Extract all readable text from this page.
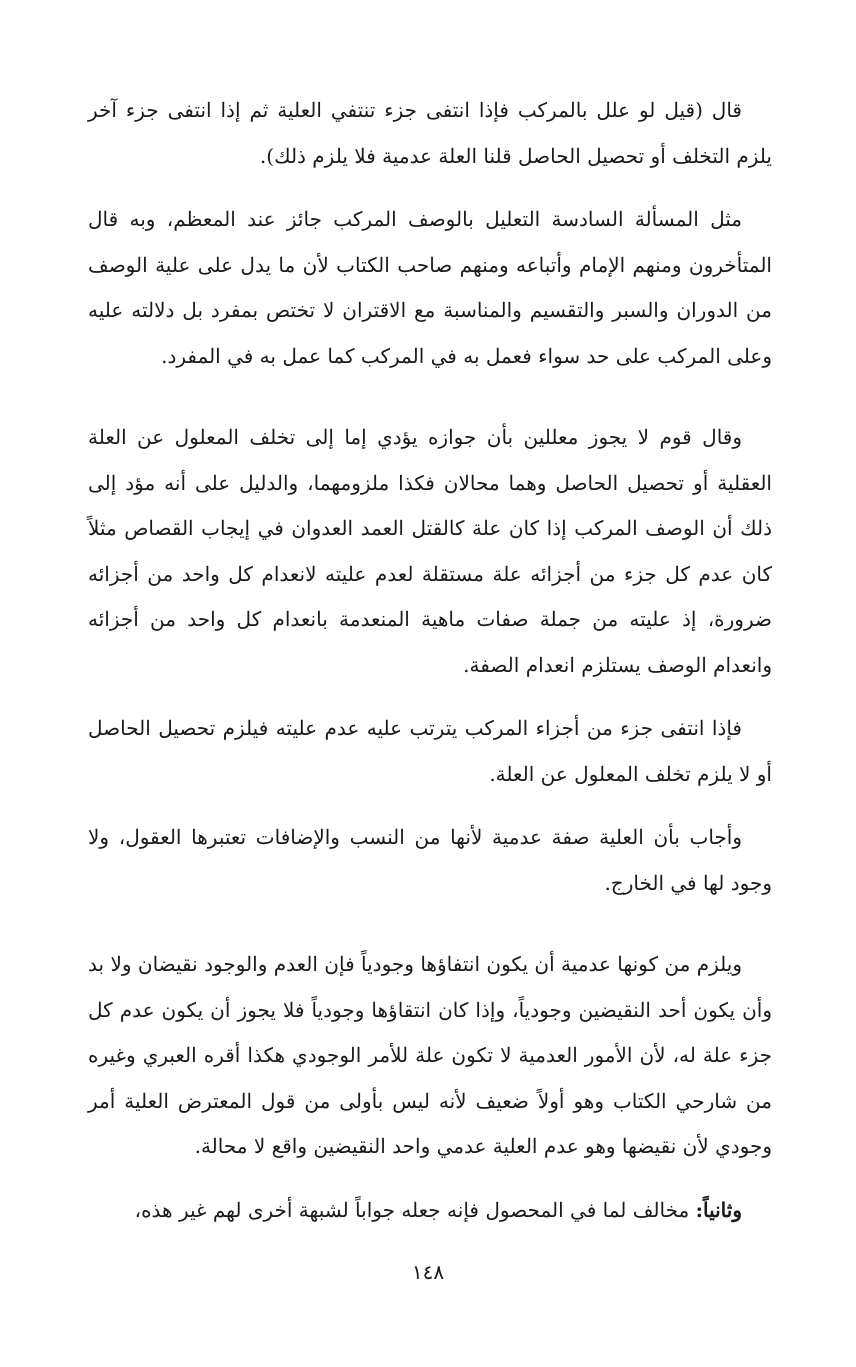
قال (قيل لو علل بالمركب فإذا انتفى جزء تنتفي العلية ثم إذا انتفى جزء آخر يلزم التخلف أو تحصيل الحاصل قلنا العلة عدمية فلا يلزم ذلك).

مثل المسألة السادسة التعليل بالوصف المركب جائز عند المعظم، وبه قال المتأخرون ومنهم الإمام وأتباعه ومنهم صاحب الكتاب لأن ما يدل على علية الوصف من الدوران والسبر والتقسيم والمناسبة مع الاقتران لا تختص بمفرد بل دلالته عليه وعلى المركب على حد سواء فعمل به في المركب كما عمل به في المفرد.

وقال قوم لا يجوز معللين بأن جوازه يؤدي إما إلى تخلف المعلول عن العلة العقلية أو تحصيل الحاصل وهما محالان فكذا ملزومهما، والدليل على أنه مؤد إلى ذلك أن الوصف المركب إذا كان علة كالقتل العمد العدوان في إيجاب القصاص مثلاً كان عدم كل جزء من أجزائه علة مستقلة لعدم عليته لانعدام كل واحد من أجزائه ضرورة، إذ عليته من جملة صفات ماهية المنعدمة بانعدام كل واحد من أجزائه وانعدام الوصف يستلزم انعدام الصفة.

فإذا انتفى جزء من أجزاء المركب يترتب عليه عدم عليته فيلزم تحصيل الحاصل أو لا يلزم تخلف المعلول عن العلة.

وأجاب بأن العلية صفة عدمية لأنها من النسب والإضافات تعتبرها العقول، ولا وجود لها في الخارج.

ويلزم من كونها عدمية أن يكون انتفاؤها وجودياً فإن العدم والوجود نقيضان ولا بد وأن يكون أحد النقيضين وجودياً، وإذا كان انتقاؤها وجودياً فلا يجوز أن يكون عدم كل جزء علة له، لأن الأمور العدمية لا تكون علة للأمر الوجودي هكذا أقره العبري وغيره من شارحي الكتاب وهو أولاً ضعيف لأنه ليس بأولى من قول المعترض العلية أمر وجودي لأن نقيضها وهو عدم العلية عدمي واحد النقيضين واقع لا محالة.

وثانياً: مخالف لما في المحصول فإنه جعله جواباً لشبهة أخرى لهم غير هذه،

١٤٨
